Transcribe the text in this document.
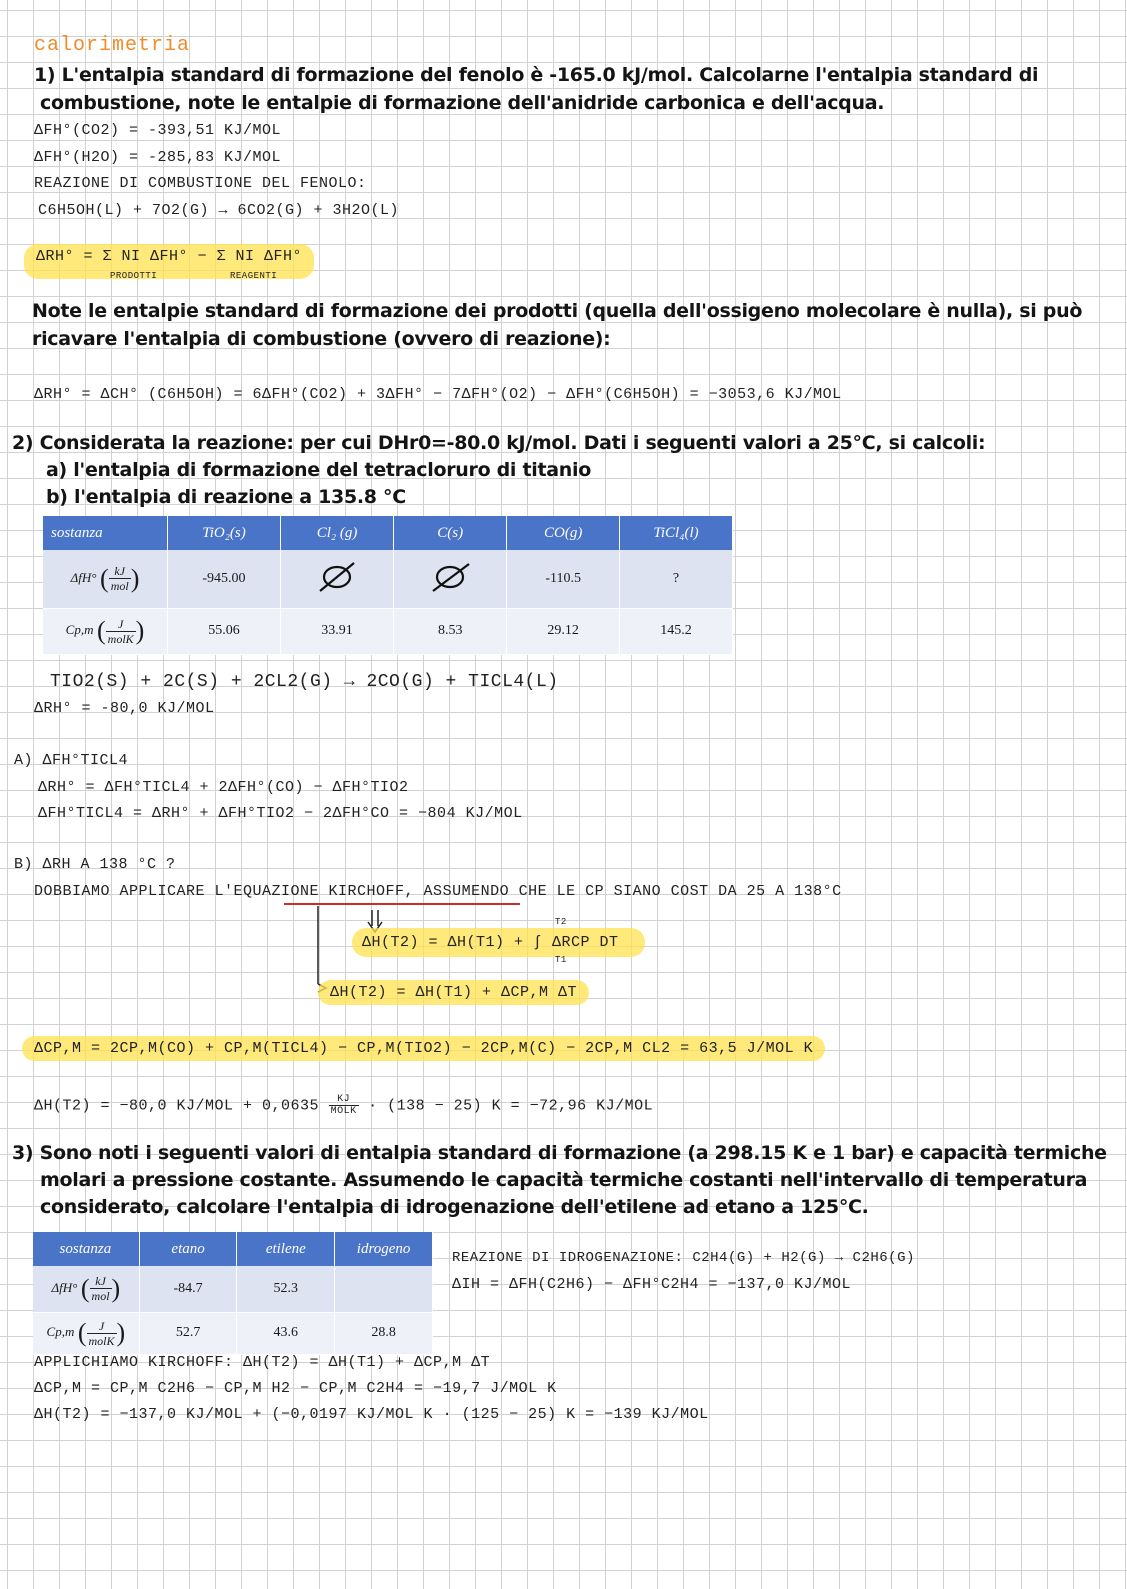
calorimetria
1) L'entalpia standard di formazione del fenolo è -165.0 kJ/mol. Calcolarne l'entalpia standard di
combustione, note le entalpie di formazione dell'anidride carbonica e dell'acqua.
ΔFH°(CO2) = -393,51 KJ/MOL
ΔFH°(H2O) = -285,83 KJ/MOL
REAZIONE DI COMBUSTIONE DEL FENOLO:
C6H5OH(L) + 7O2(G) → 6CO2(G) + 3H2O(L)
ΔRH° = Σ ΝI ΔFH° − Σ ΝI ΔFH°
PRODOTTI	REAGENTI
Note le entalpie standard di formazione dei prodotti (quella dell'ossigeno molecolare è nulla), si può
ricavare l'entalpia di combustione (ovvero di reazione):
ΔRH° = ΔCH° (C6H5OH) = 6ΔFH°(CO2) + 3ΔFH° − 7ΔFH°(O2) − ΔFH°(C6H5OH) = −3053,6 KJ/MOL
2) Considerata la reazione: per cui DHr0=-80.0 kJ/mol. Dati i seguenti valori a 25°C, si calcoli:
a) l'entalpia di formazione del tetracloruro di titanio
b) l'entalpia di reazione a 135.8 °C
sostanza	TiO₂(s)	Cl₂ (g)	C(s)	CO(g)	TiCl₄(l)
ΔfH° ( $\frac{kJ}{\text{mol}}$ )	-945.00			-110.5	?
Cp,m ( $\frac{J}{\text{molK}}$ )	55.06	33.91	8.53	29.12	145.2
TIO2(S) + 2C(S) + 2CL2(G) → 2CO(G) + TICL4(L)
ΔRH° = -80,0 KJ/MOL
A) ΔFH°TICL4
ΔRH° = ΔFH°TICL4 + 2ΔFH°(CO) − ΔFH°TIO2
ΔFH°TICL4 = ΔRH° + ΔFH°TIO2 − 2ΔFH°CO = −804 KJ/MOL
B) ΔRH A 138 °C ?
DOBBIAMO APPLICARE L'EQUAZIONE KIRCHOFF, ASSUMENDO CHE LE CP SIANO COST DA 25 A 138°C
ΔH(T2) = ΔH(T1) + ∫ ΔRCP DT
T2
T1
ΔH(T2) = ΔH(T1) + ΔCP,M ΔT
ΔCP,M = 2CP,M(CO) + CP,M(TICL4) − CP,M(TIO2) − 2CP,M(C) − 2CP,M CL2 = 63,5 J/MOL K
ΔH(T2) = −80,0 $KJ/MOL + 0,0635 \frac{KJ}{\text{MOLK}} \cdot (138 - 25) K = -72,96$ KJ/MOL
3) Sono noti i seguenti valori di entalpia standard di formazione (a 298.15 K e 1 bar) e capacità termiche
molari a pressione costante. Assumendo le capacità termiche costanti nell'intervallo di temperatura
considerato, calcolare l'entalpia di idrogenazione dell'etilene ad etano a 125°C.
sostanza	etano	etilene	idrogeno
ΔfH° ( $\frac{kJ}{\text{mol}}$ )	-84.7	52.3	
Cp,m ( $\frac{J}{\text{molK}}$ )	52.7	43.6	28.8
REAZIONE DI IDROGENAZIONE: C2H4(G) + H2(G) → C2H6(G)
ΔIH = ΔFH(C2H6) − ΔFH°C2H4 = −137,0 KJ/MOL
APPLICHIAMO KIRCHOFF: ΔH(T2) = ΔH(T1) + ΔCP,M ΔT
ΔCP,M = CP,M C2H6 − CP,M H2 − CP,M C2H4 = −19,7 J/MOL K
ΔH(T2) = −137,0 KJ/MOL + (−0,0197 KJ/MOL K · (125 − 25) K = −139 KJ/MOL
